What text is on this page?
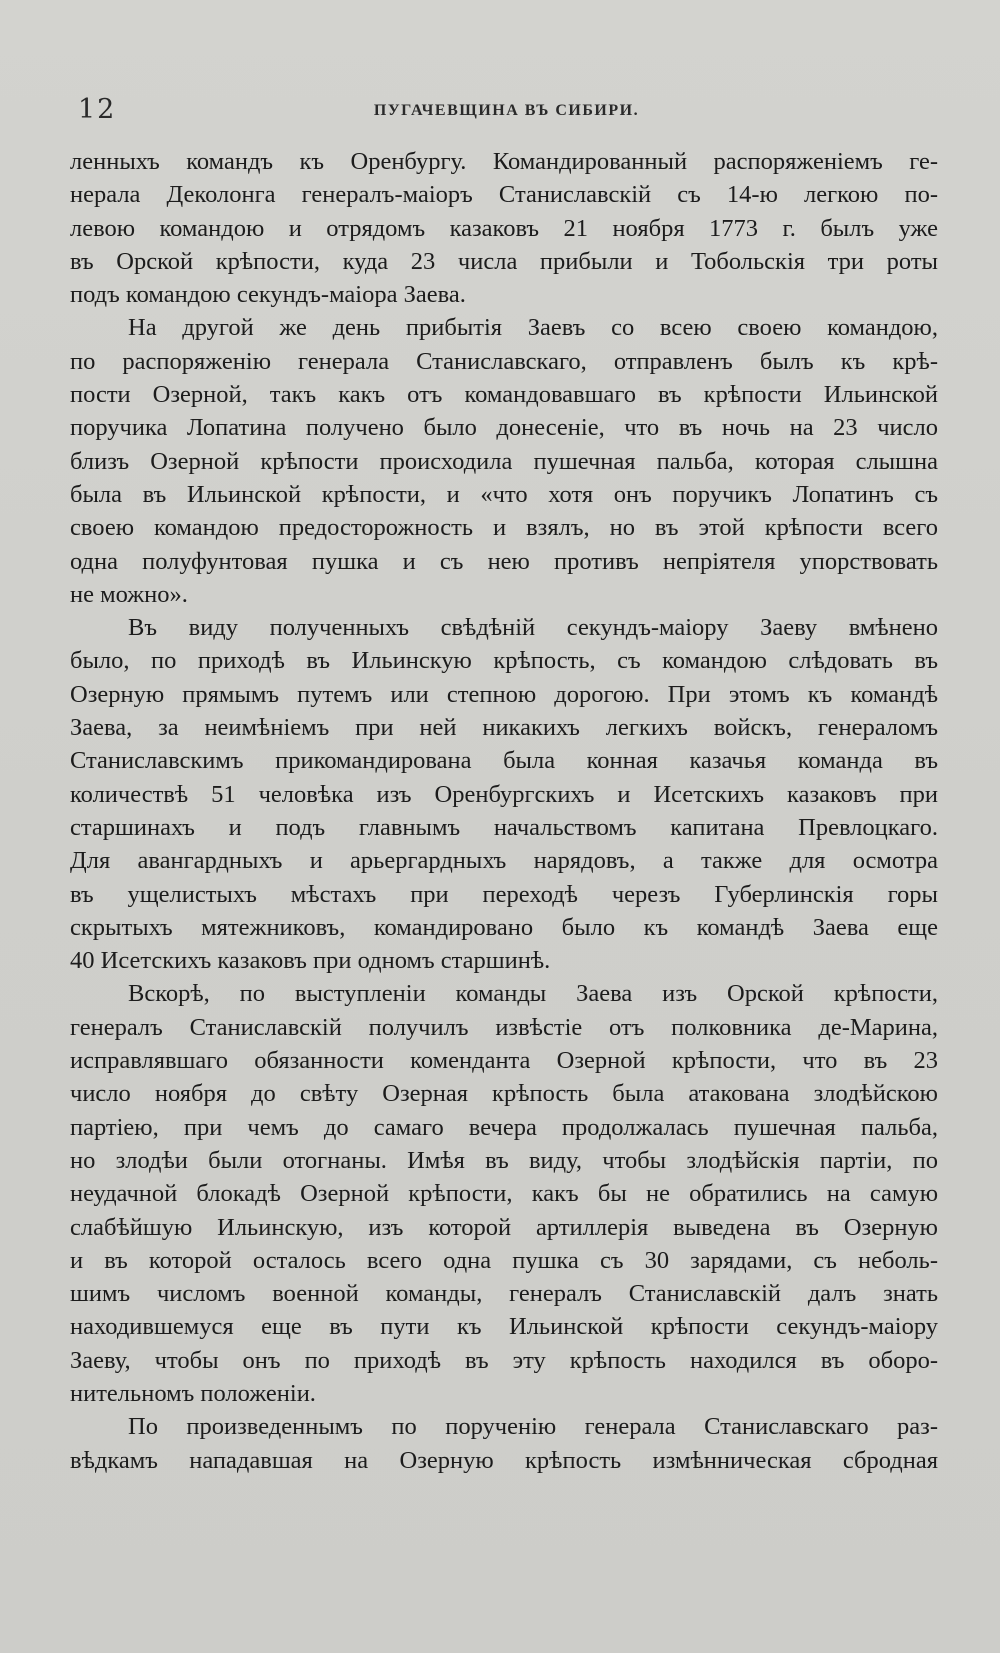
12	ПУГАЧЕВЩИНА ВЪ СИБИРИ.
ленныхъ командъ къ Оренбургу. Командированный распоряженіемъ ге-
нерала Деколонга генералъ-маіоръ Станиславскій съ 14-ю легкою по-
левою командою и отрядомъ казаковъ 21 ноября 1773 г. былъ уже
въ Орской крѣпости, куда 23 числа прибыли и Тобольскія три роты
подъ командою секундъ-маіора Заева.
На другой же день прибытія Заевъ со всею своею командою,
по распоряженію генерала Станиславскаго, отправленъ былъ къ крѣ-
пости Озерной, такъ какъ отъ командовавшаго въ крѣпости Ильинской
поручика Лопатина получено было донесеніе, что въ ночь на 23 число
близъ Озерной крѣпости происходила пушечная пальба, которая слышна
была въ Ильинской крѣпости, и «что хотя онъ поручикъ Лопатинъ съ
своею командою предосторожность и взялъ, но въ этой крѣпости всего
одна полуфунтовая пушка и съ нею противъ непріятеля упорствовать
не можно».
Въ виду полученныхъ свѣдѣній секундъ-маіору Заеву вмѣнено
было, по приходѣ въ Ильинскую крѣпость, съ командою слѣдовать въ
Озерную прямымъ путемъ или степною дорогою. При этомъ къ командѣ
Заева, за неимѣніемъ при ней никакихъ легкихъ войскъ, генераломъ
Станиславскимъ прикомандирована была конная казачья команда въ
количествѣ 51 человѣка изъ Оренбургскихъ и Исетскихъ казаковъ при
старшинахъ и подъ главнымъ начальствомъ капитана Превлоцкаго.
Для авангардныхъ и арьергардныхъ нарядовъ, а также для осмотра
въ ущелистыхъ мѣстахъ при переходѣ черезъ Губерлинскія горы
скрытыхъ мятежниковъ, командировано было къ командѣ Заева еще
40 Исетскихъ казаковъ при одномъ старшинѣ.
Вскорѣ, по выступленіи команды Заева изъ Орской крѣпости,
генералъ Станиславскій получилъ извѣстіе отъ полковника де-Марина,
исправлявшаго обязанности коменданта Озерной крѣпости, что въ 23
число ноября до свѣту Озерная крѣпость была атакована злодѣйскою
партіею, при чемъ до самаго вечера продолжалась пушечная пальба,
но злодѣи были отогнаны. Имѣя въ виду, чтобы злодѣйскія партіи, по
неудачной блокадѣ Озерной крѣпости, какъ бы не обратились на самую
слабѣйшую Ильинскую, изъ которой артиллерія выведена въ Озерную
и въ которой осталось всего одна пушка съ 30 зарядами, съ неболь-
шимъ числомъ военной команды, генералъ Станиславскій далъ знать
находившемуся еще въ пути къ Ильинской крѣпости секундъ-маіору
Заеву, чтобы онъ по приходѣ въ эту крѣпость находился въ оборо-
нительномъ положеніи.
По произведеннымъ по порученію генерала Станиславскаго раз-
вѣдкамъ нападавшая на Озерную крѣпость измѣнническая сбродная
